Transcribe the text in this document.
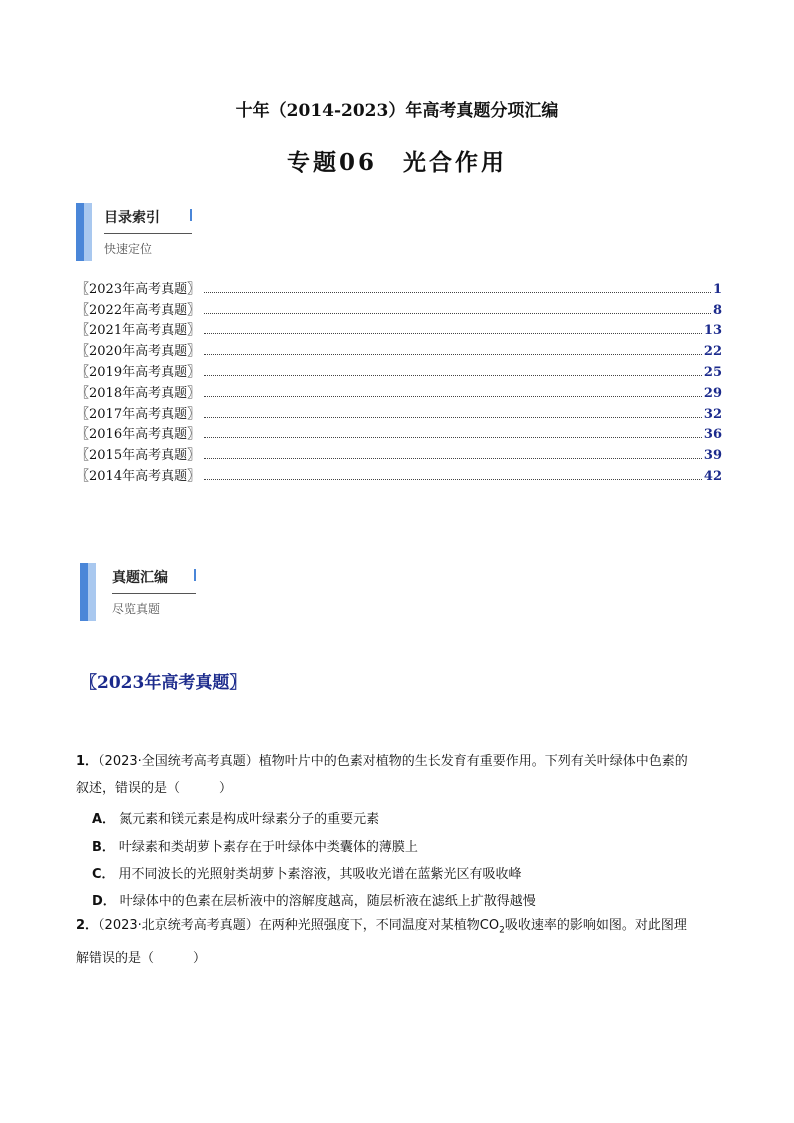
十年（2014-2023）年高考真题分项汇编
专题06　光合作用
目录索引
快速定位
〖2023年高考真题〗	1
〖2022年高考真题〗	8
〖2021年高考真题〗	13
〖2020年高考真题〗	22
〖2019年高考真题〗	25
〖2018年高考真题〗	29
〖2017年高考真题〗	32
〖2016年高考真题〗	36
〖2015年高考真题〗	39
〖2014年高考真题〗	42
真题汇编
尽览真题
〖2023年高考真题〗
1．（2023·全国统考高考真题）植物叶片中的色素对植物的生长发育有重要作用。下列有关叶绿体中色素的
叙述，错误的是（　　　）
A． 氮元素和镁元素是构成叶绿素分子的重要元素
B． 叶绿素和类胡萝卜素存在于叶绿体中类囊体的薄膜上
C． 用不同波长的光照射类胡萝卜素溶液，其吸收光谱在蓝紫光区有吸收峰
D． 叶绿体中的色素在层析液中的溶解度越高，随层析液在滤纸上扩散得越慢
2．（2023·北京统考高考真题）在两种光照强度下，不同温度对某植物$CO_2$吸收速率的影响如图。对此图理
解错误的是（　　　）
